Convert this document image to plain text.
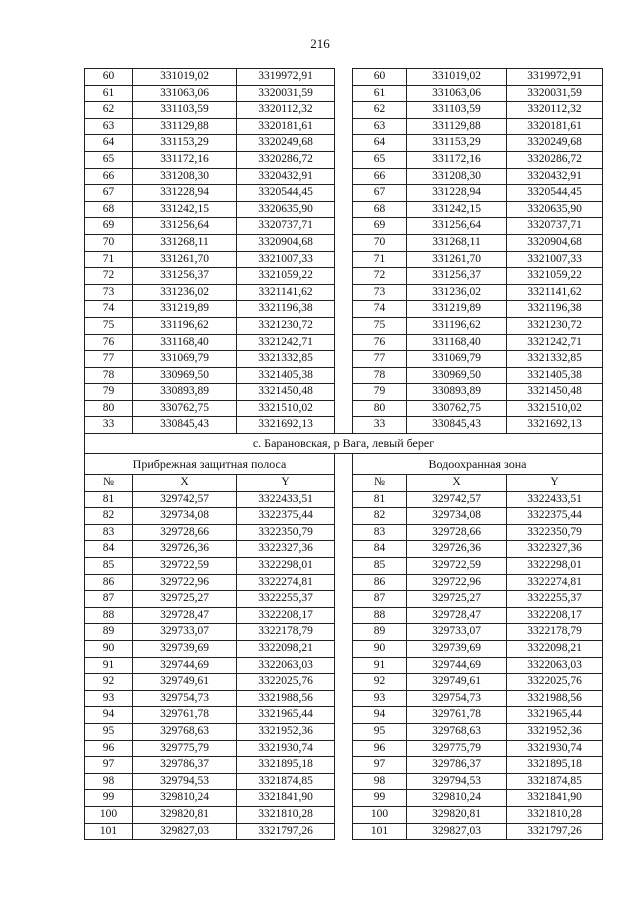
216
60	331019,02	3319972,91		60	331019,02	3319972,91
61	331063,06	3320031,59		61	331063,06	3320031,59
62	331103,59	3320112,32		62	331103,59	3320112,32
63	331129,88	3320181,61		63	331129,88	3320181,61
64	331153,29	3320249,68		64	331153,29	3320249,68
65	331172,16	3320286,72		65	331172,16	3320286,72
66	331208,30	3320432,91		66	331208,30	3320432,91
67	331228,94	3320544,45		67	331228,94	3320544,45
68	331242,15	3320635,90		68	331242,15	3320635,90
69	331256,64	3320737,71		69	331256,64	3320737,71
70	331268,11	3320904,68		70	331268,11	3320904,68
71	331261,70	3321007,33		71	331261,70	3321007,33
72	331256,37	3321059,22		72	331256,37	3321059,22
73	331236,02	3321141,62		73	331236,02	3321141,62
74	331219,89	3321196,38		74	331219,89	3321196,38
75	331196,62	3321230,72		75	331196,62	3321230,72
76	331168,40	3321242,71		76	331168,40	3321242,71
77	331069,79	3321332,85		77	331069,79	3321332,85
78	330969,50	3321405,38		78	330969,50	3321405,38
79	330893,89	3321450,48		79	330893,89	3321450,48
80	330762,75	3321510,02		80	330762,75	3321510,02
33	330845,43	3321692,13		33	330845,43	3321692,13
с. Барановская, р Вага, левый берег						
Прибрежная защитная полоса				Водоохранная зона		
№	X	Y		№	X	Y
81	329742,57	3322433,51		81	329742,57	3322433,51
82	329734,08	3322375,44		82	329734,08	3322375,44
83	329728,66	3322350,79		83	329728,66	3322350,79
84	329726,36	3322327,36		84	329726,36	3322327,36
85	329722,59	3322298,01		85	329722,59	3322298,01
86	329722,96	3322274,81		86	329722,96	3322274,81
87	329725,27	3322255,37		87	329725,27	3322255,37
88	329728,47	3322208,17		88	329728,47	3322208,17
89	329733,07	3322178,79		89	329733,07	3322178,79
90	329739,69	3322098,21		90	329739,69	3322098,21
91	329744,69	3322063,03		91	329744,69	3322063,03
92	329749,61	3322025,76		92	329749,61	3322025,76
93	329754,73	3321988,56		93	329754,73	3321988,56
94	329761,78	3321965,44		94	329761,78	3321965,44
95	329768,63	3321952,36		95	329768,63	3321952,36
96	329775,79	3321930,74		96	329775,79	3321930,74
97	329786,37	3321895,18		97	329786,37	3321895,18
98	329794,53	3321874,85		98	329794,53	3321874,85
99	329810,24	3321841,90		99	329810,24	3321841,90
100	329820,81	3321810,28		100	329820,81	3321810,28
101	329827,03	3321797,26		101	329827,03	3321797,26
